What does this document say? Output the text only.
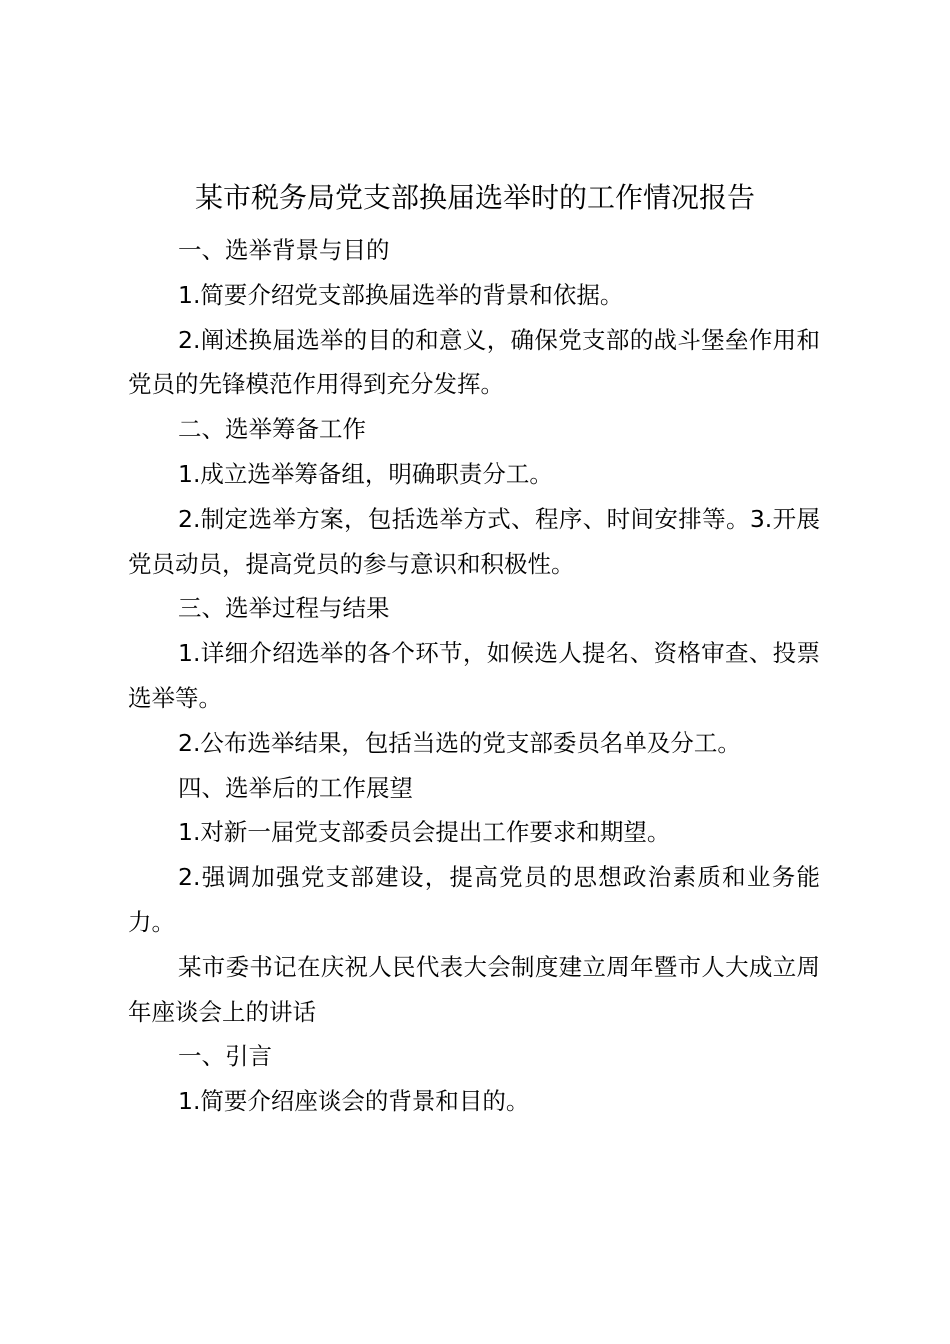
某市税务局党支部换届选举时的工作情况报告

一、选举背景与目的

1.简要介绍党支部换届选举的背景和依据。

2.阐述换届选举的目的和意义，确保党支部的战斗堡垒作用和党员的先锋模范作用得到充分发挥。

二、选举筹备工作

1.成立选举筹备组，明确职责分工。

2.制定选举方案，包括选举方式、程序、时间安排等。3.开展党员动员，提高党员的参与意识和积极性。

三、选举过程与结果

1.详细介绍选举的各个环节，如候选人提名、资格审查、投票选举等。

2.公布选举结果，包括当选的党支部委员名单及分工。

四、选举后的工作展望

1.对新一届党支部委员会提出工作要求和期望。

2.强调加强党支部建设，提高党员的思想政治素质和业务能力。

某市委书记在庆祝人民代表大会制度建立周年暨市人大成立周年座谈会上的讲话

一、引言

1.简要介绍座谈会的背景和目的。
